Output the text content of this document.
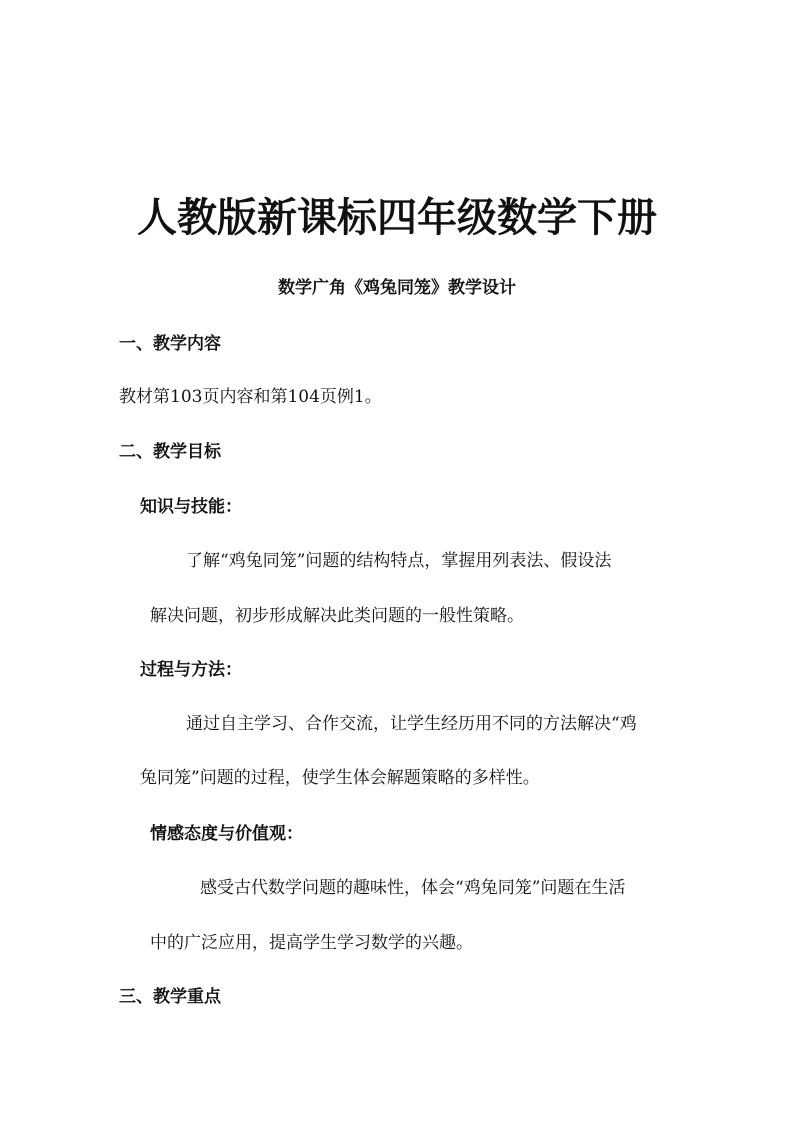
人教版新课标四年级数学下册
数学广角《鸡兔同笼》教学设计
一、教学内容
教材第103页内容和第104页例1。
二、教学目标
知识与技能：
了解“鸡兔同笼”问题的结构特点，掌握用列表法、假设法
解决问题，初步形成解决此类问题的一般性策略。
过程与方法：
通过自主学习、合作交流，让学生经历用不同的方法解决“鸡
兔同笼”问题的过程，使学生体会解题策略的多样性。
情感态度与价值观：
感受古代数学问题的趣味性，体会“鸡兔同笼”问题在生活
中的广泛应用，提高学生学习数学的兴趣。
三、教学重点
